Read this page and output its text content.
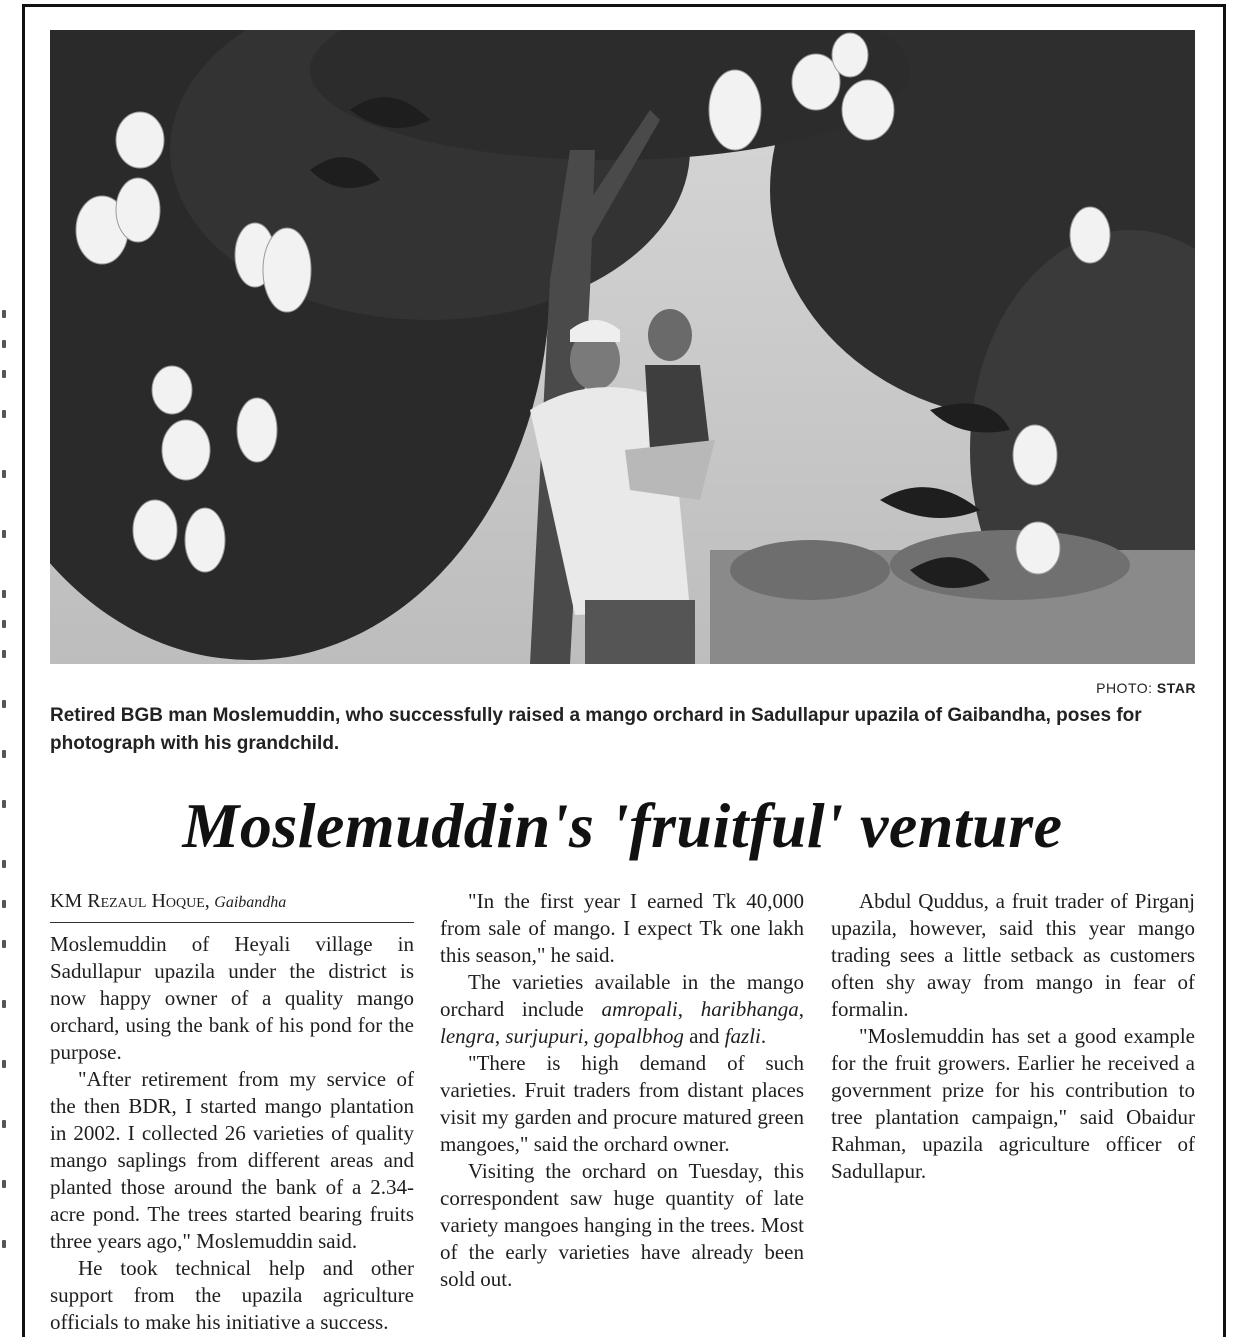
PHOTO: STAR
Retired BGB man Moslemuddin, who successfully raised a mango orchard in Sadullapur upazila of Gaibandha, poses for photograph with his grandchild.
Moslemuddin's 'fruitful' venture
KM Rezaul Hoque, Gaibandha

Moslemuddin of Heyali village in Sadullapur upazila under the district is now happy owner of a quality mango orchard, using the bank of his pond for the purpose.

"After retirement from my service of the then BDR, I started mango plantation in 2002. I collected 26 varieties of quality mango saplings from different areas and planted those around the bank of a 2.34-acre pond. The trees started bearing fruits three years ago," Moslemuddin said.

He took technical help and other support from the upazila agriculture officials to make his initiative a success.

"In the first year I earned Tk 40,000 from sale of mango. I expect Tk one lakh this season," he said.

The varieties available in the mango orchard include amropali, haribhanga, lengra, surjupuri, gopalbhog and fazli.

"There is high demand of such varieties. Fruit traders from distant places visit my garden and procure matured green mangoes," said the orchard owner.

Visiting the orchard on Tuesday, this correspondent saw huge quantity of late variety mangoes hanging in the trees. Most of the early varieties have already been sold out.

Abdul Quddus, a fruit trader of Pirganj upazila, however, said this year mango trading sees a little setback as customers often shy away from mango in fear of formalin.

"Moslemuddin has set a good example for the fruit growers. Earlier he received a government prize for his contribution to tree plantation campaign," said Obaidur Rahman, upazila agriculture officer of Sadullapur.
